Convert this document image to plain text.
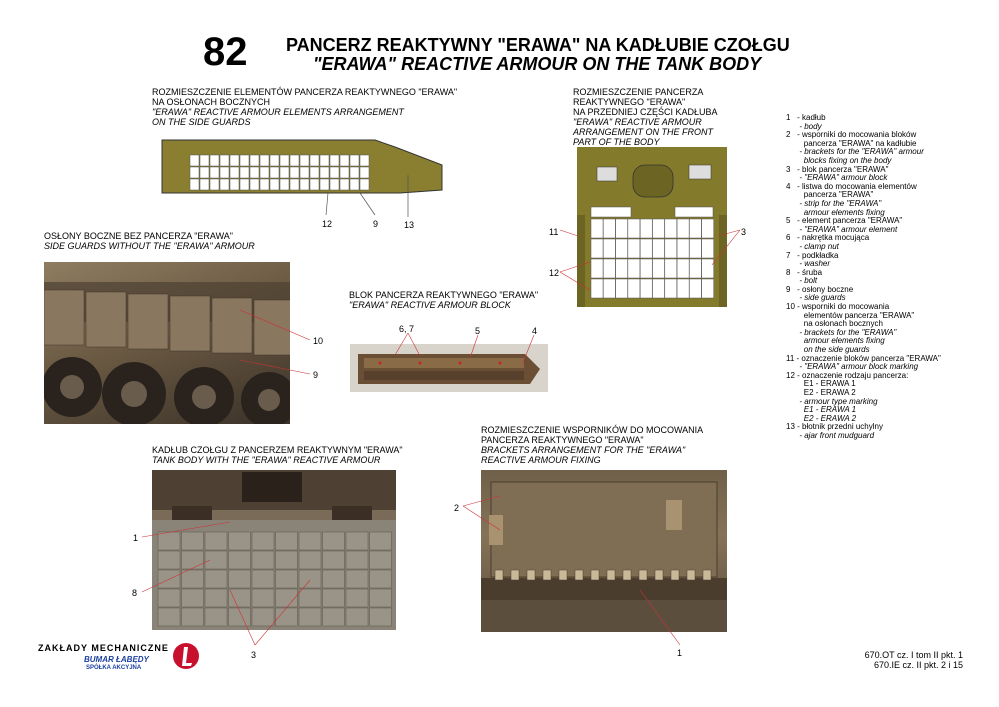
82 PANCERZ REAKTYWNY "ERAWA" NA KADŁUBIE CZOŁGU
"ERAWA" REACTIVE ARMOUR ON THE TANK BODY
ROZMIESZCZENIE ELEMENTÓW PANCERZA REAKTYWNEGO "ERAWA"
NA OSŁONACH BOCZNYCH
"ERAWA" REACTIVE ARMOUR ELEMENTS ARRANGEMENT
ON THE SIDE GUARDS
12	9	13
ROZMIESZCZENIE PANCERZA
REAKTYWNEGO "ERAWA"
NA PRZEDNIEJ CZĘŚCI KADŁUBA
"ERAWA" REACTIVE ARMOUR
ARRANGEMENT ON THE FRONT
PART OF THE BODY
11
12
3
OSŁONY BOCZNE BEZ PANCERZA "ERAWA"
SIDE GUARDS WITHOUT THE "ERAWA" ARMOUR
10
9
BLOK PANCERZA REAKTYWNEGO "ERAWA"
"ERAWA" REACTIVE ARMOUR BLOCK
6, 7	5	4
KADŁUB CZOŁGU Z PANCERZEM REAKTYWNYM "ERAWA"
TANK BODY WITH THE "ERAWA" REACTIVE ARMOUR
1
8
3
ROZMIESZCZENIE WSPORNIKÓW DO MOCOWANIA
PANCERZA REAKTYWNEGO "ERAWA"
BRACKETS ARRANGEMENT FOR THE "ERAWA"
REACTIVE ARMOUR FIXING
2
1
1   - kadłub
- body
2   - wsporniki do mocowania bloków
pancerza "ERAWA" na kadłubie
- brackets for the "ERAWA" armour
blocks fixing on the body
3   - blok pancerza "ERAWA"
- "ERAWA" armour block
4   - listwa do mocowania elementów
pancerza "ERAWA"
- strip for the "ERAWA"
armour elements fixing
5   - element pancerza "ERAWA"
- "ERAWA" armour element
6   - nakrętka mocująca
- clamp nut
7   - podkładka
- washer
8   - śruba
- bolt
9   - osłony boczne
- side guards
10 - wsporniki do mocowania
elementów pancerza "ERAWA"
na osłonach bocznych
- brackets for the "ERAWA"
armour elements fixing
on the side guards
11 - oznaczenie bloków pancerza "ERAWA"
- "ERAWA" armour block marking
12 - oznaczenie rodzaju pancerza:
E1 - ERAWA 1
E2 - ERAWA 2
- armour type marking
E1 - ERAWA 1
E2 - ERAWA 2
13 - błotnik przedni uchylny
- ajar front mudguard
ZAKŁADY MECHANICZNE
BUMAR ŁABĘDY
SPÓŁKA AKCYJNA
670.OT cz. I tom II pkt. 1
670.IE cz. II pkt. 2 i 15
